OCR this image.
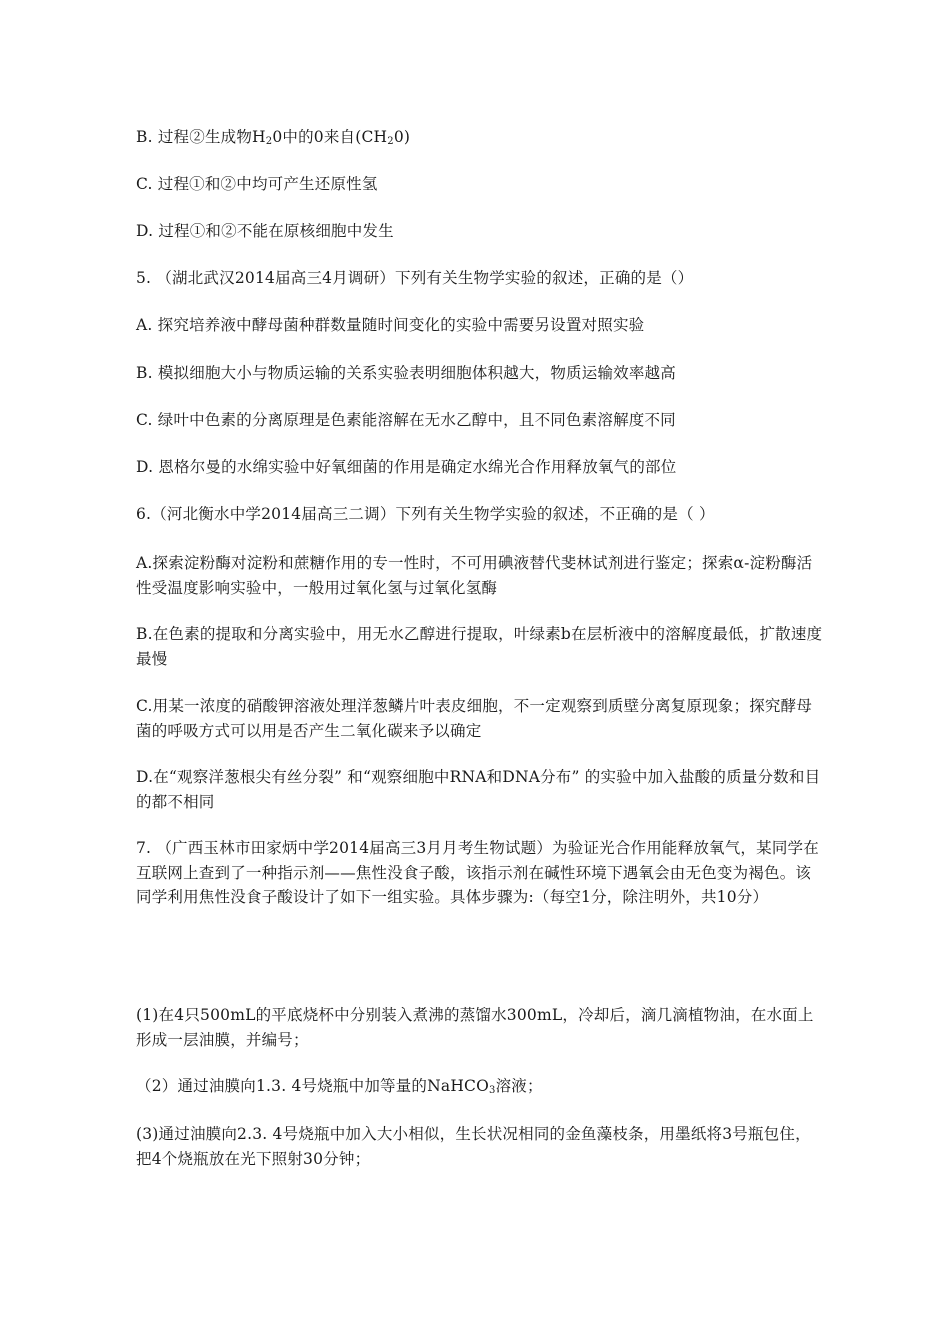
B. 过程②生成物$H_20$中的0来自$(CH_20)$
C. 过程①和②中均可产生还原性氢
D. 过程①和②不能在原核细胞中发生
5. （湖北武汉2014届高三4月调研）下列有关生物学实验的叙述，正确的是（）
A. 探究培养液中酵母菌种群数量随时间变化的实验中需要另设置对照实验
B. 模拟细胞大小与物质运输的关系实验表明细胞体积越大，物质运输效率越高
C. 绿叶中色素的分离原理是色素能溶解在无水乙醇中，且不同色素溶解度不同
D. 恩格尔曼的水绵实验中好氧细菌的作用是确定水绵光合作用释放氧气的部位
6.（河北衡水中学2014届高三二调）下列有关生物学实验的叙述，不正确的是（ ）
A.探索淀粉酶对淀粉和蔗糖作用的专一性时，不可用碘液替代斐林试剂进行鉴定；探索α-淀粉酶活性受温度影响实验中，一般用过氧化氢与过氧化氢酶
B.在色素的提取和分离实验中，用无水乙醇进行提取，叶绿素b在层析液中的溶解度最低，扩散速度最慢
C.用某一浓度的硝酸钾溶液处理洋葱鳞片叶表皮细胞，不一定观察到质壁分离复原现象；探究酵母菌的呼吸方式可以用是否产生二氧化碳来予以确定
D.在“观察洋葱根尖有丝分裂” 和“观察细胞中RNA和DNA分布” 的实验中加入盐酸的质量分数和目的都不相同
7. （广西玉林市田家炳中学2014届高三3月月考生物试题）为验证光合作用能释放氧气，某同学在互联网上查到了一种指示剂——焦性没食子酸，该指示剂在碱性环境下遇氧会由无色变为褐色。该同学利用焦性没食子酸设计了如下一组实验。具体步骤为:（每空1分，除注明外，共10分）
(1)在4只500mL的平底烧杯中分别装入煮沸的蒸馏水300mL，冷却后，滴几滴植物油，在水面上形成一层油膜，并编号；
（2）通过油膜向1.3. 4号烧瓶中加等量的NaHCO$_3$溶液；
(3)通过油膜向2.3. 4号烧瓶中加入大小相似，生长状况相同的金鱼藻枝条，用墨纸将3号瓶包住，把4个烧瓶放在光下照射30分钟；
